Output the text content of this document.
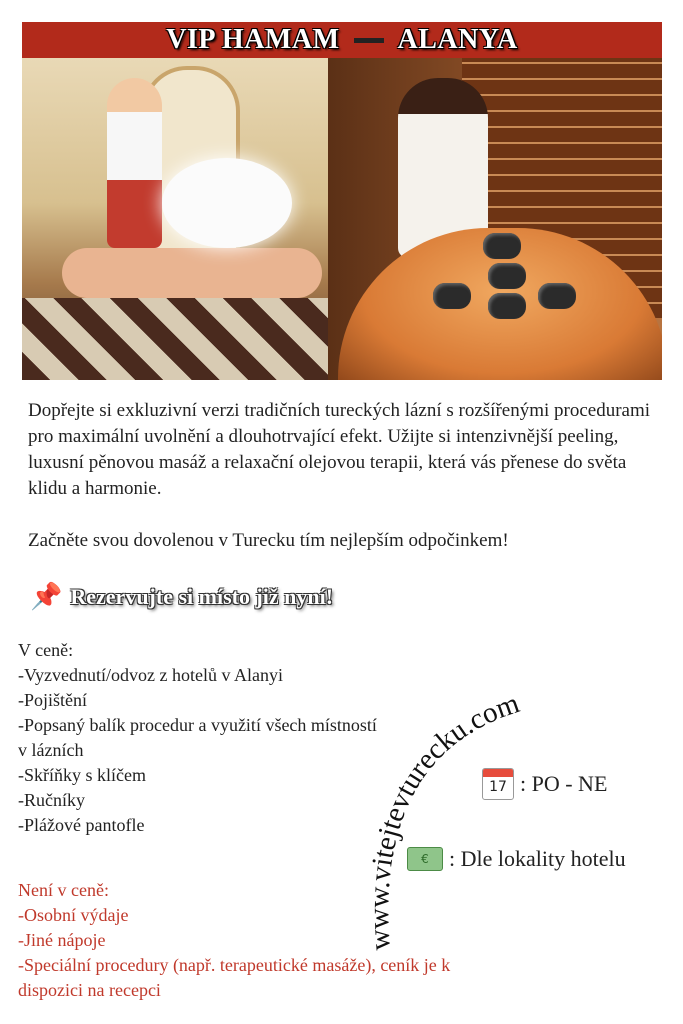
VIP HAMAM ALANYA

Dopřejte si exkluzivní verzi tradičních tureckých lázní s rozšířenými procedurami pro maximální uvolnění a dlouhotrvající efekt. Užijte si intenzivnější peeling, luxusní pěnovou masáž a relaxační olejovou terapii, která vás přenese do světa klidu a harmonie.

Začněte svou dovolenou v Turecku tím nejlepším odpočinkem!

📌 Rezervujte si místo již nyní!
V ceně:
-Vyzvednutí/odvoz z hotelů v Alanyi
-Pojištění
-Popsaný balík procedur a využití všech místností v lázních
-Skříňky s klíčem
-Ručníky
-Plážové pantofle
www.vitejtevturecku.com
17 : PO - NE
€ : Dle lokality hotelu
Není v ceně:
-Osobní výdaje
-Jiné nápoje
-Speciální procedury (např. terapeutické masáže), ceník je k dispozici na recepci
